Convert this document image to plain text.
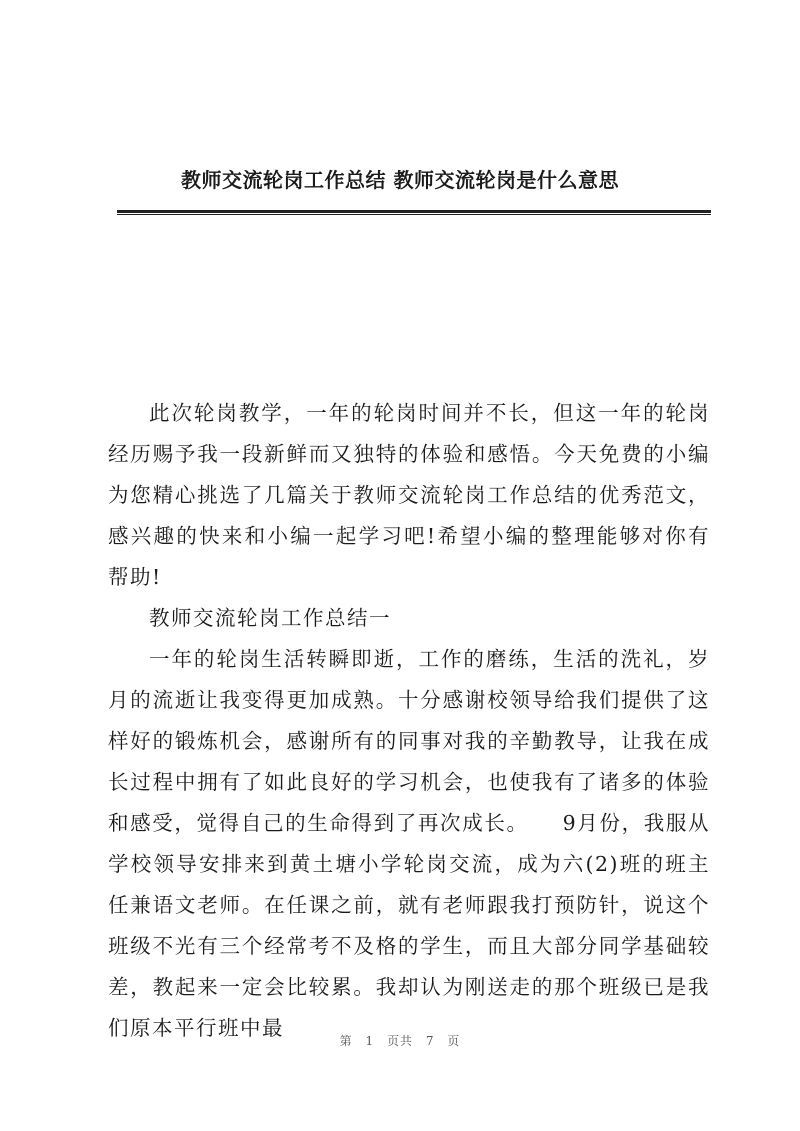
教师交流轮岗工作总结 教师交流轮岗是什么意思

此次轮岗教学，一年的轮岗时间并不长，但这一年的轮岗经历赐予我一段新鲜而又独特的体验和感悟。今天免费的小编为您精心挑选了几篇关于教师交流轮岗工作总结的优秀范文，感兴趣的快来和小编一起学习吧!希望小编的整理能够对你有帮助!

教师交流轮岗工作总结一

一年的轮岗生活转瞬即逝，工作的磨练，生活的洗礼，岁月的流逝让我变得更加成熟。十分感谢校领导给我们提供了这样好的锻炼机会，感谢所有的同事对我的辛勤教导，让我在成长过程中拥有了如此良好的学习机会，也使我有了诸多的体验和感受，觉得自己的生命得到了再次成长。　　9月份，我服从学校领导安排来到黄土塘小学轮岗交流，成为六(2)班的班主任兼语文老师。在任课之前，就有老师跟我打预防针，说这个班级不光有三个经常考不及格的学生，而且大部分同学基础较差，教起来一定会比较累。我却认为刚送走的那个班级已是我们原本平行班中最

第 1 页共 7 页
